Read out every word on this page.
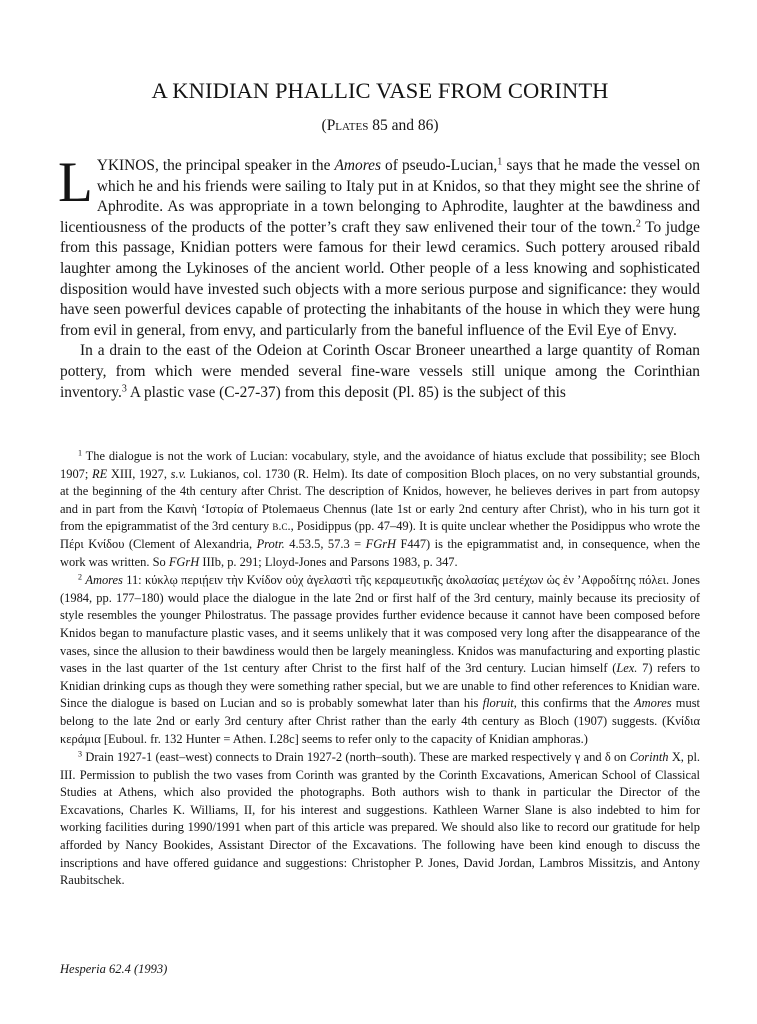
A KNIDIAN PHALLIC VASE FROM CORINTH
(Plates 85 and 86)

LYKINOS, the principal speaker in the Amores of pseudo-Lucian,$^1$ says that he made the vessel on which he and his friends were sailing to Italy put in at Knidos, so that they might see the shrine of Aphrodite. As was appropriate in a town belonging to Aphrodite, laughter at the bawdiness and licentiousness of the products of the potter’s craft they saw enlivened their tour of the town.$^2$ To judge from this passage, Knidian potters were famous for their lewd ceramics. Such pottery aroused ribald laughter among the Lykinoses of the ancient world. Other people of a less knowing and sophisticated disposition would have invested such objects with a more serious purpose and significance: they would have seen powerful devices capable of protecting the inhabitants of the house in which they were hung from evil in general, from envy, and particularly from the baneful influence of the Evil Eye of Envy.

In a drain to the east of the Odeion at Corinth Oscar Broneer unearthed a large quantity of Roman pottery, from which were mended several fine-ware vessels still unique among the Corinthian inventory.$^3$ A plastic vase (C-27-37) from this deposit (Pl. 85) is the subject of this

$^1$ The dialogue is not the work of Lucian: vocabulary, style, and the avoidance of hiatus exclude that possibility; see Bloch 1907; RE XIII, 1927, s.v. Lukianos, col. 1730 (R. Helm). Its date of composition Bloch places, on no very substantial grounds, at the beginning of the 4th century after Christ. The description of Knidos, however, he believes derives in part from autopsy and in part from the Καινὴ ‘Ιστορία of Ptolemaeus Chennus (late 1st or early 2nd century after Christ), who in his turn got it from the epigrammatist of the 3rd century b.c., Posidippus (pp. 47–49). It is quite unclear whether the Posidippus who wrote the Πέρι Κνίδου (Clement of Alexandria, Protr. 4.53.5, 57.3 = FGrH F447) is the epigrammatist and, in consequence, when the work was written. So FGrH IIIb, p. 291; Lloyd-Jones and Parsons 1983, p. 347.

$^2$ Amores 11: κύκλῳ περιῄειν τὴν Κνίδον οὐχ ἀγελαστὶ τῆς κεραμευτικῆς ἀκολασίας μετέχων ὡς ἐν ’Αφροδίτης πόλει. Jones (1984, pp. 177–180) would place the dialogue in the late 2nd or first half of the 3rd century, mainly because its preciosity of style resembles the younger Philostratus. The passage provides further evidence because it cannot have been composed before Knidos began to manufacture plastic vases, and it seems unlikely that it was composed very long after the disappearance of the vases, since the allusion to their bawdiness would then be largely meaningless. Knidos was manufacturing and exporting plastic vases in the last quarter of the 1st century after Christ to the first half of the 3rd century. Lucian himself (Lex. 7) refers to Knidian drinking cups as though they were something rather special, but we are unable to find other references to Knidian ware. Since the dialogue is based on Lucian and so is probably somewhat later than his floruit, this confirms that the Amores must belong to the late 2nd or early 3rd century after Christ rather than the early 4th century as Bloch (1907) suggests. (Κνίδια κεράμια [Euboul. fr. 132 Hunter = Athen. I.28c] seems to refer only to the capacity of Knidian amphoras.)

$^3$ Drain 1927-1 (east–west) connects to Drain 1927-2 (north–south). These are marked respectively γ and δ on Corinth X, pl. III. Permission to publish the two vases from Corinth was granted by the Corinth Excavations, American School of Classical Studies at Athens, which also provided the photographs. Both authors wish to thank in particular the Director of the Excavations, Charles K. Williams, II, for his interest and suggestions. Kathleen Warner Slane is also indebted to him for working facilities during 1990/1991 when part of this article was prepared. We should also like to record our gratitude for help afforded by Nancy Bookides, Assistant Director of the Excavations. The following have been kind enough to discuss the inscriptions and have offered guidance and suggestions: Christopher P. Jones, David Jordan, Lambros Missitzis, and Antony Raubitschek.

Hesperia 62.4 (1993)
